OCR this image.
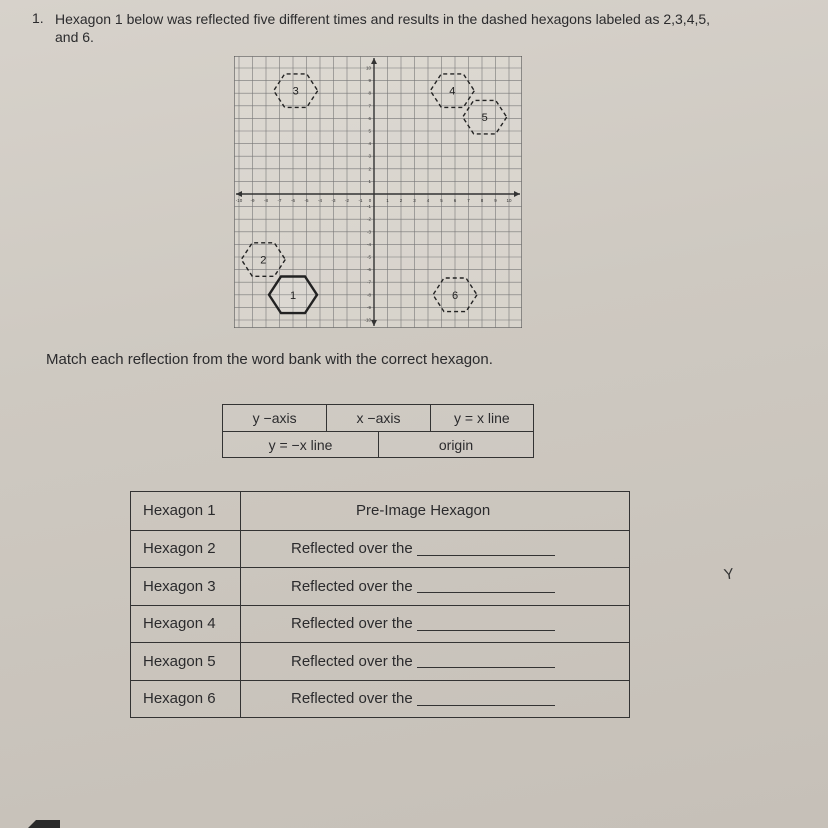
1. Hexagon 1 below was reflected five different times and results in the dashed hexagons labeled as 2,3,4,5, and 6.
-10 -9 -8 -7 -6 -5 -4 -3 -2 -1 0	1 2 3 4 5 6 7 8 9 10
10
9
8
7
6
5
4
3
2
1
-1
-2
-3
-4
-5
-6
-7
-8
-9
-10
1
2
3	4
5
6
Match each reflection from the word bank with the correct hexagon.
y −axis	x −axis	y = x line
y = −x line	origin
Hexagon 1	Pre-Image Hexagon
Hexagon 2	Reflected over the
Hexagon 3	Reflected over the
Hexagon 4	Reflected over the
Hexagon 5	Reflected over the
Hexagon 6	Reflected over the
Y
